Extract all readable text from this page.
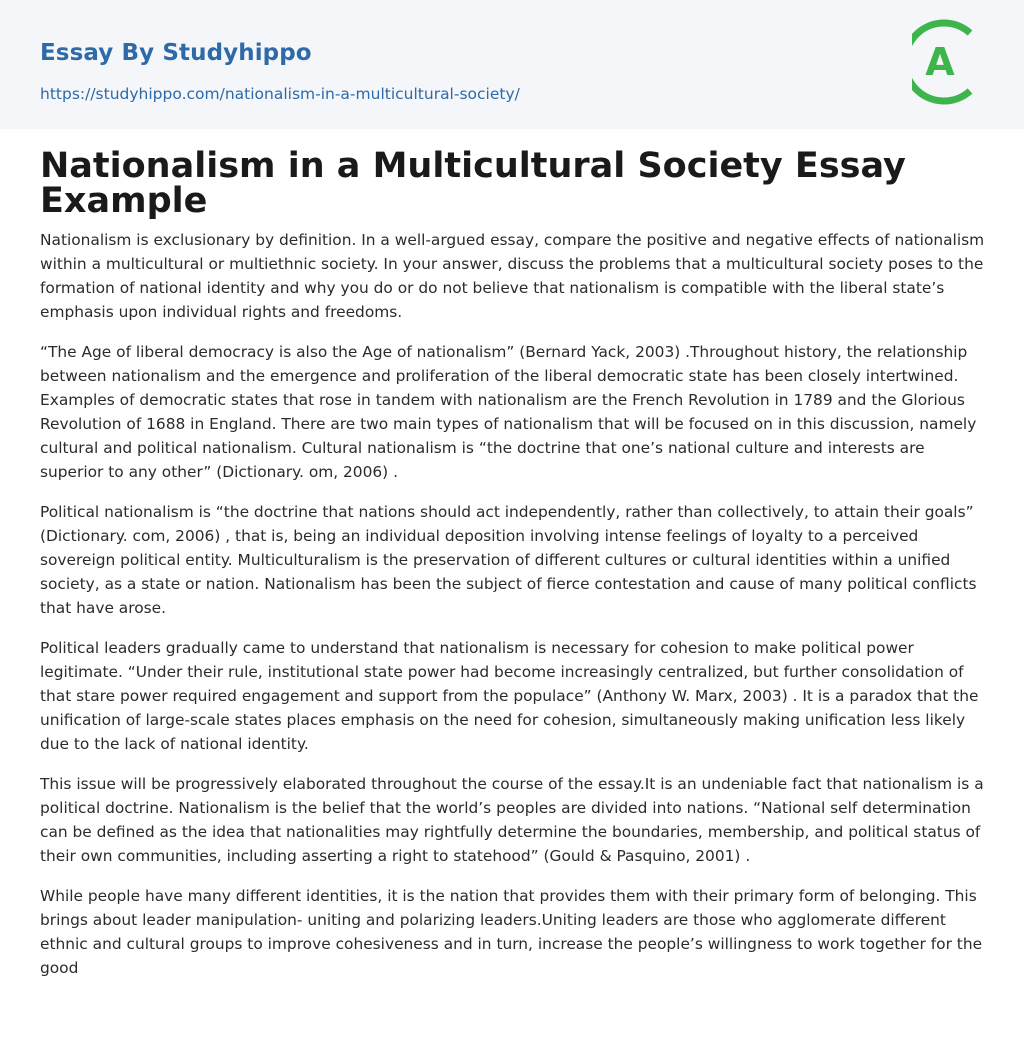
Essay By Studyhippo
https://studyhippo.com/nationalism-in-a-multicultural-society/
A
Nationalism in a Multicultural Society Essay Example

Nationalism is exclusionary by definition. In a well-argued essay, compare the positive and negative effects of nationalism within a multicultural or multiethnic society. In your answer, discuss the problems that a multicultural society poses to the formation of national identity and why you do or do not believe that nationalism is compatible with the liberal state’s emphasis upon individual rights and freedoms.

“The Age of liberal democracy is also the Age of nationalism” (Bernard Yack, 2003) .Throughout history, the relationship between nationalism and the emergence and proliferation of the liberal democratic state has been closely intertwined. Examples of democratic states that rose in tandem with nationalism are the French Revolution in 1789 and the Glorious Revolution of 1688 in England. There are two main types of nationalism that will be focused on in this discussion, namely cultural and political nationalism. Cultural nationalism is “the doctrine that one’s national culture and interests are superior to any other” (Dictionary. om, 2006) .

Political nationalism is “the doctrine that nations should act independently, rather than collectively, to attain their goals” (Dictionary. com, 2006) , that is, being an individual deposition involving intense feelings of loyalty to a perceived sovereign political entity. Multiculturalism is the preservation of different cultures or cultural identities within a unified society, as a state or nation. Nationalism has been the subject of fierce contestation and cause of many political conflicts that have arose.

Political leaders gradually came to understand that nationalism is necessary for cohesion to make political power legitimate. “Under their rule, institutional state power had become increasingly centralized, but further consolidation of that stare power required engagement and support from the populace” (Anthony W. Marx, 2003) . It is a paradox that the unification of large-scale states places emphasis on the need for cohesion, simultaneously making unification less likely due to the lack of national identity.

This issue will be progressively elaborated throughout the course of the essay.It is an undeniable fact that nationalism is a political doctrine. Nationalism is the belief that the world’s peoples are divided into nations. “National self determination can be defined as the idea that nationalities may rightfully determine the boundaries, membership, and political status of their own communities, including asserting a right to statehood” (Gould & Pasquino, 2001) .

While people have many different identities, it is the nation that provides them with their primary form of belonging. This brings about leader manipulation- uniting and polarizing leaders.Uniting leaders are those who agglomerate different ethnic and cultural groups to improve cohesiveness and in turn, increase the people’s willingness to work together for the good
